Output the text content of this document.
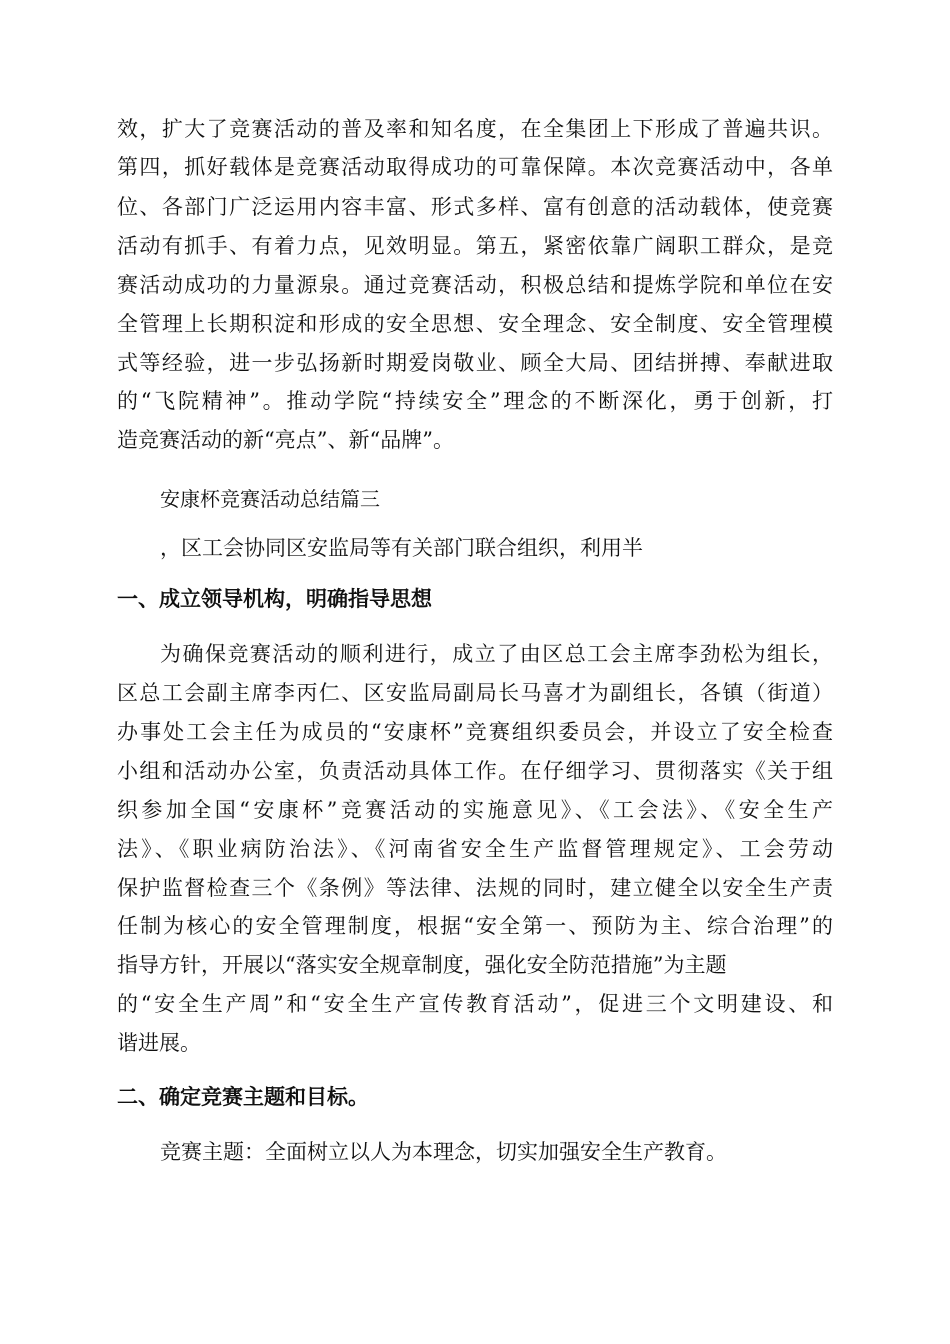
效，扩大了竞赛活动的普及率和知名度，在全集团上下形成了普遍共识。
第四，抓好载体是竞赛活动取得成功的可靠保障。本次竞赛活动中，各单
位、各部门广泛运用内容丰富、形式多样、富有创意的活动载体，使竞赛
活动有抓手、有着力点，见效明显。第五，紧密依靠广阔职工群众，是竞
赛活动成功的力量源泉。通过竞赛活动，积极总结和提炼学院和单位在安
全管理上长期积淀和形成的安全思想、安全理念、安全制度、安全管理模
式等经验，进一步弘扬新时期爱岗敬业、顾全大局、团结拼搏、奉献进取
的“飞院精神”。推动学院“持续安全”理念的不断深化，勇于创新，打
造竞赛活动的新“亮点”、新“品牌”。
安康杯竞赛活动总结篇三
，区工会协同区安监局等有关部门联合组织，利用半
一、成立领导机构，明确指导思想
为确保竞赛活动的顺利进行，成立了由区总工会主席李劲松为组长，
区总工会副主席李丙仁、区安监局副局长马喜才为副组长，各镇（街道）
办事处工会主任为成员的“安康杯”竞赛组织委员会，并设立了安全检查
小组和活动办公室，负责活动具体工作。在仔细学习、贯彻落实《关于组
织参加全国“安康杯”竞赛活动的实施意见》、《工会法》、《安全生产
法》、《职业病防治法》、《河南省安全生产监督管理规定》、工会劳动
保护监督检查三个《条例》等法律、法规的同时，建立健全以安全生产责
任制为核心的安全管理制度，根据“安全第一、预防为主、综合治理”的
指导方针，开展以“落实安全规章制度，强化安全防范措施”为主题
的“安全生产周”和“安全生产宣传教育活动”，促进三个文明建设、和
谐进展。
二、确定竞赛主题和目标。
竞赛主题：全面树立以人为本理念，切实加强安全生产教育。
